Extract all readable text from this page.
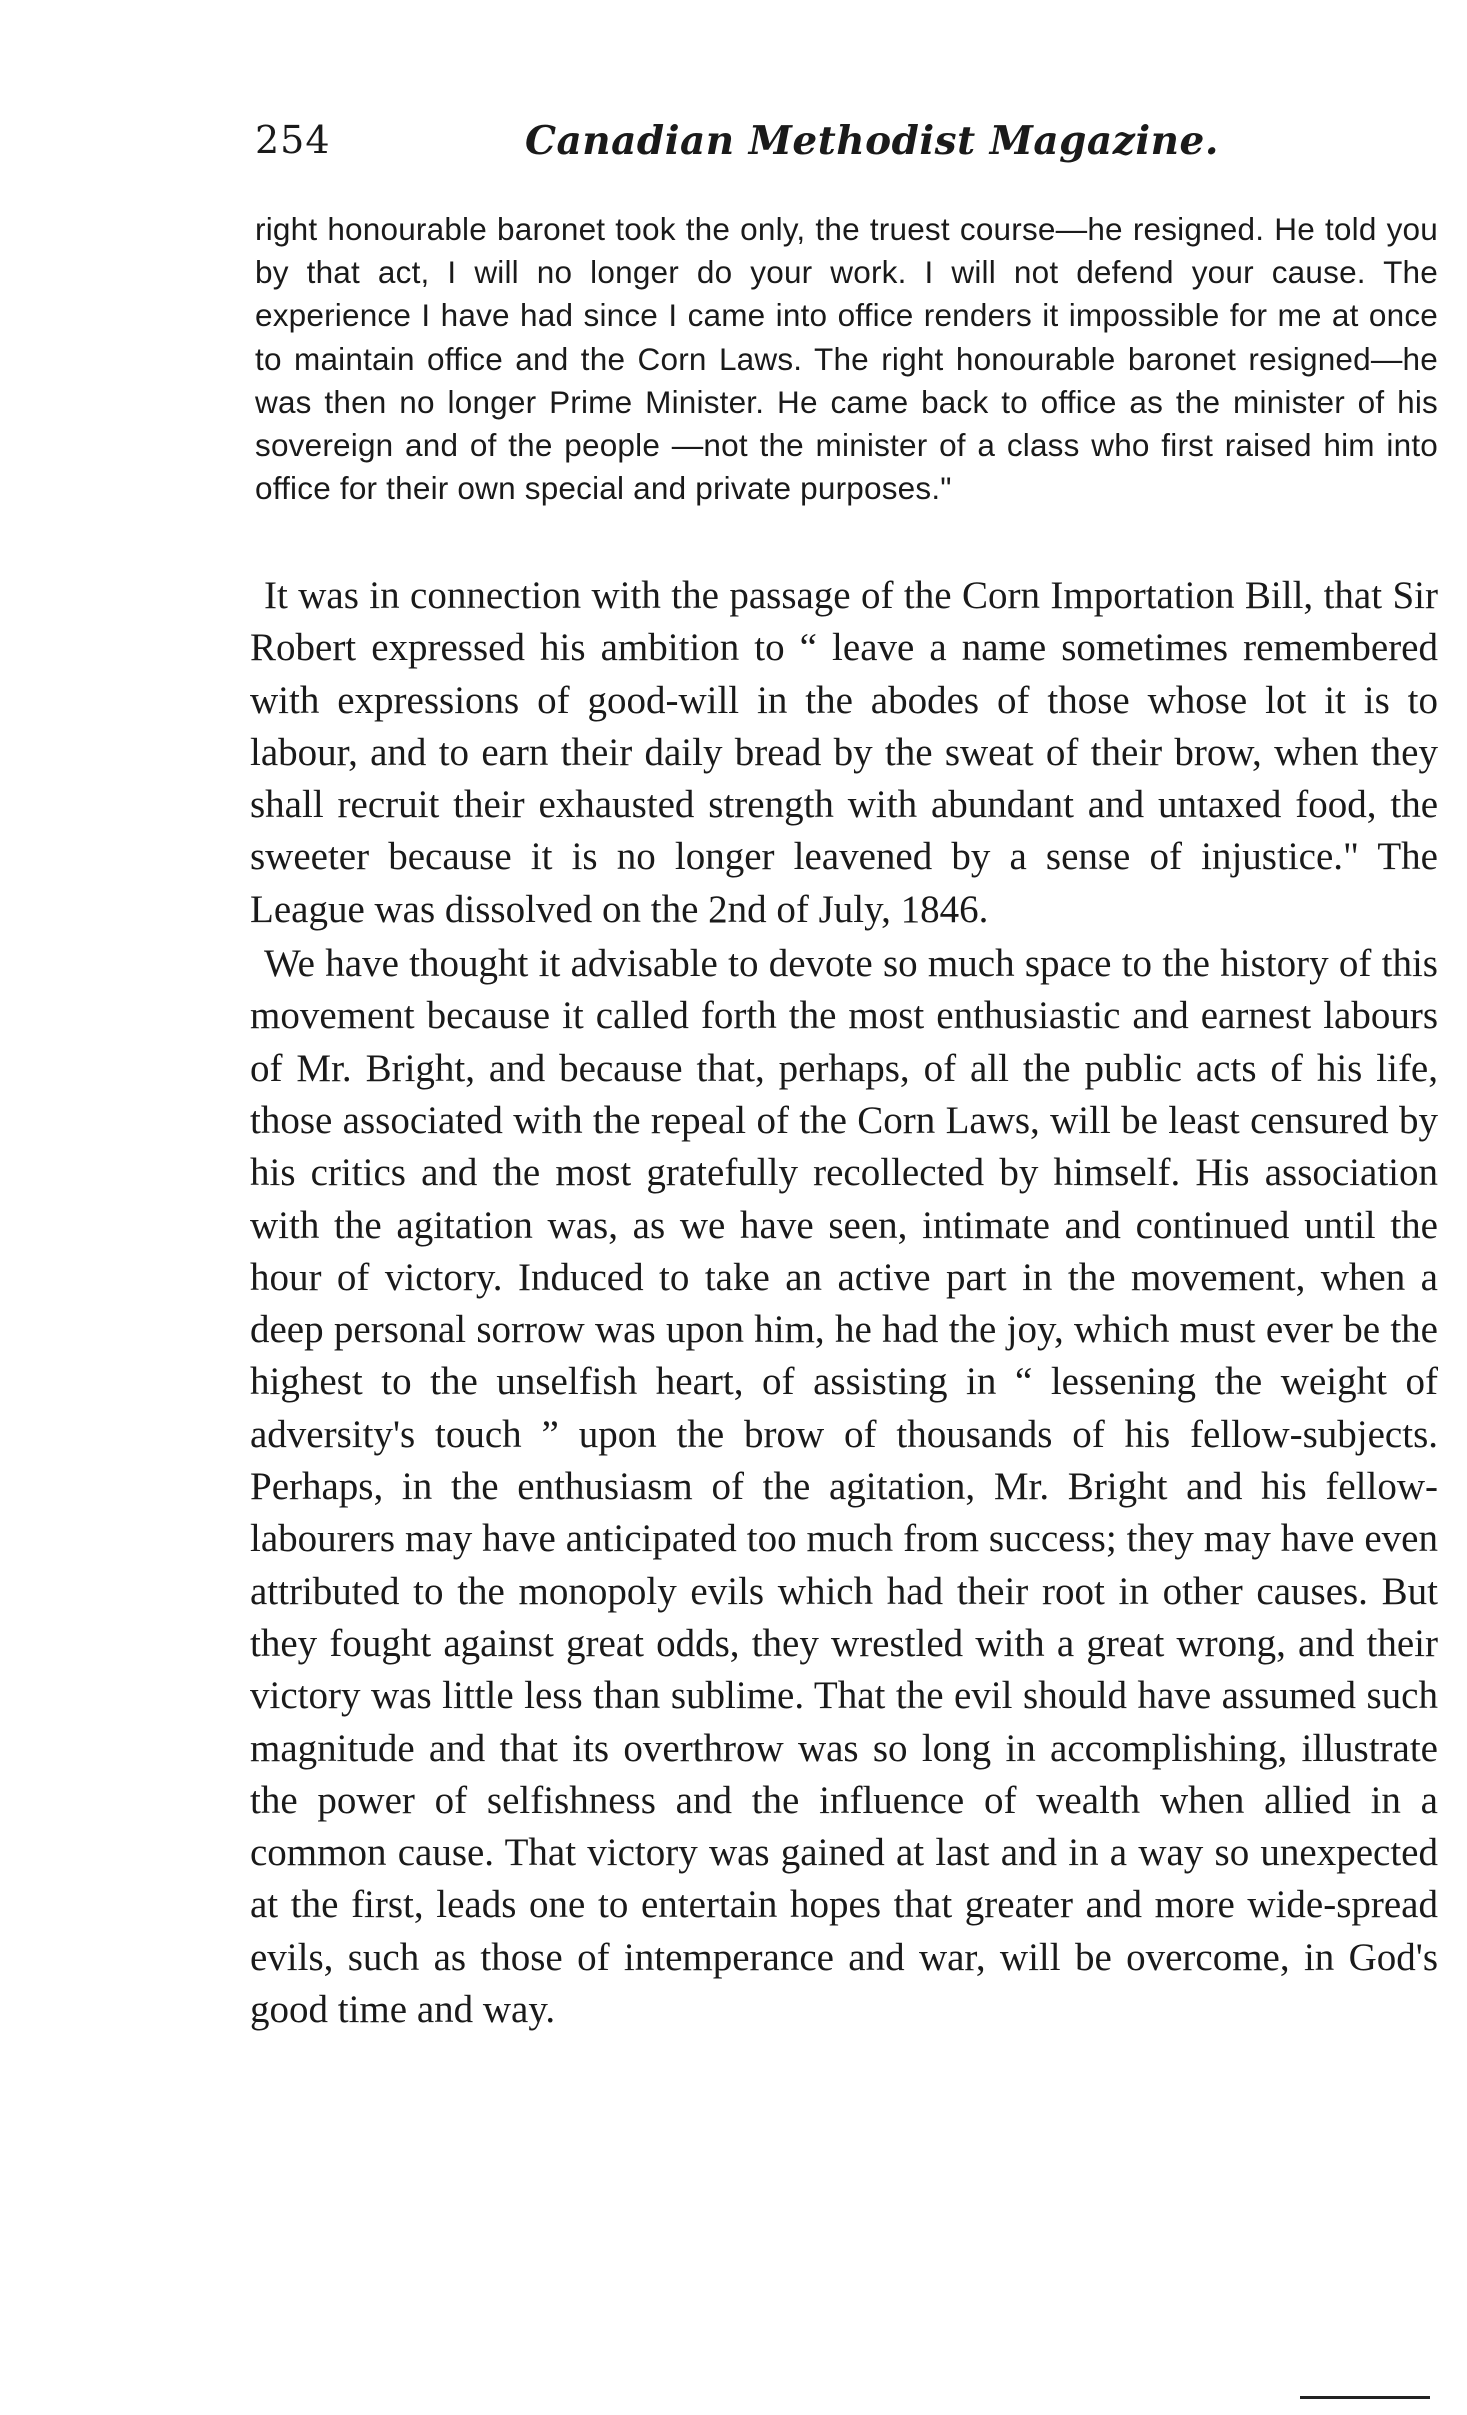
254	Canadian Methodist Magazine.
right honourable baronet took the only, the truest course—he resigned. He told you by that act, I will no longer do your work. I will not defend your cause. The experience I have had since I came into office renders it impossible for me at once to maintain office and the Corn Laws. The right honourable baronet resigned—he was then no longer Prime Minister. He came back to office as the minister of his sovereign and of the people —not the minister of a class who first raised him into office for their own special and private purposes."

It was in connection with the passage of the Corn Importation Bill, that Sir Robert expressed his ambition to “ leave a name sometimes remembered with expressions of good-will in the abodes of those whose lot it is to labour, and to earn their daily bread by the sweat of their brow, when they shall recruit their exhausted strength with abundant and untaxed food, the sweeter because it is no longer leavened by a sense of injustice." The League was dissolved on the 2nd of July, 1846.

We have thought it advisable to devote so much space to the history of this movement because it called forth the most enthusiastic and earnest labours of Mr. Bright, and because that, perhaps, of all the public acts of his life, those associated with the repeal of the Corn Laws, will be least censured by his critics and the most gratefully recollected by himself. His association with the agitation was, as we have seen, intimate and continued until the hour of victory. Induced to take an active part in the movement, when a deep personal sorrow was upon him, he had the joy, which must ever be the highest to the unselfish heart, of assisting in “ lessening the weight of adversity's touch ” upon the brow of thousands of his fellow-subjects. Perhaps, in the enthusiasm of the agitation, Mr. Bright and his fellow-labourers may have anticipated too much from success; they may have even attributed to the monopoly evils which had their root in other causes. But they fought against great odds, they wrestled with a great wrong, and their victory was little less than sublime. That the evil should have assumed such magnitude and that its overthrow was so long in accomplishing, illustrate the power of selfishness and the influence of wealth when allied in a common cause. That victory was gained at last and in a way so unexpected at the first, leads one to entertain hopes that greater and more wide-spread evils, such as those of intemperance and war, will be overcome, in God's good time and way.
